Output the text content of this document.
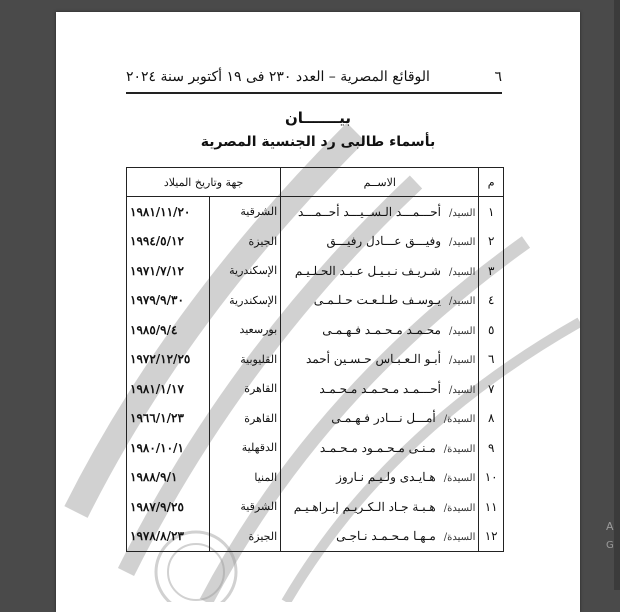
٦
الوقائع المصرية – العدد ٢٣٠ فى ١٩ أكتوبر سنة ٢٠٢٤
بيـــــــان
بأسماء طالبى رد الجنسية المصرية
م	الاســم	جهة وتاريخ الميلاد	
١	السيد/أحـــمـــد الـســيـــد أحــمـــد	الشرقية	١٩٨١/١١/٢٠
٢	السيد/وفيـــق عـــادل رفيـــق	الجيزة	١٩٩٤/٥/١٢
٣	السيد/شـريـف نـبـيـل عـبـد الحـلـيـم	الإسكندرية	١٩٧١/٧/١٢
٤	السيد/يـوسـف طـلـعـت حـلـمـى	الإسكندرية	١٩٧٩/٩/٣٠
٥	السيد/محـمـد مـحـمـد فـهـمـى	بورسعيد	١٩٨٥/٩/٤
٦	السيد/أبـو الـعـبـاس حـسـين أحمد	القليوبية	١٩٧٢/١٢/٢٥
٧	السيد/أحـــمـد مـحـمـد مـحـمـد	القاهرة	١٩٨١/١/١٧
٨	السيدة/أمـــل نـــادر فـهـمـى	القاهرة	١٩٦٦/١/٢٣
٩	السيدة/مـنـى مـحـمـود مـحـمـد	الدقهلية	١٩٨٠/١٠/١
١٠	السيدة/هـايـدى ولـيـم نـاروز	المنيا	١٩٨٨/٩/١
١١	السيدة/هـبـة جـاد الـكـريـم إبـراهـيـم	الشرقية	١٩٨٧/٩/٢٥
١٢	السيدة/مـهـا مـحـمـد نـاجـى	الجيزة	١٩٧٨/٨/٢٣
A
G
